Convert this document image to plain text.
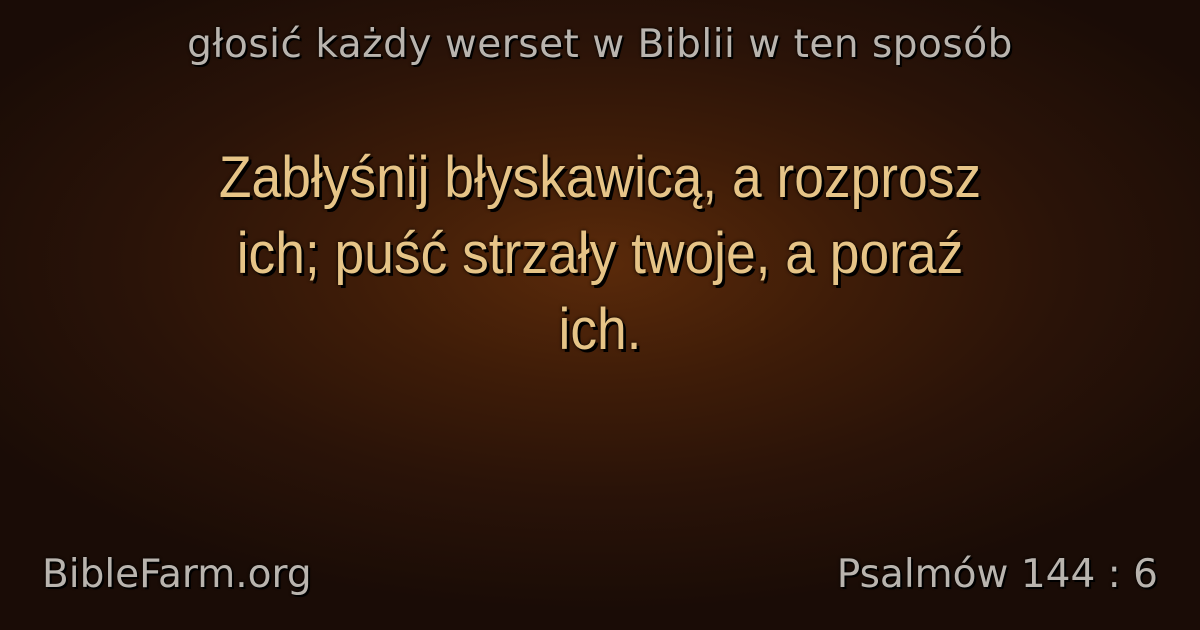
głosić każdy werset w Biblii w ten sposób
Zabłyśnij błyskawicą, a rozprosz
ich; puść strzały twoje, a poraź
ich.
BibleFarm.org	Psalmów 144 : 6
